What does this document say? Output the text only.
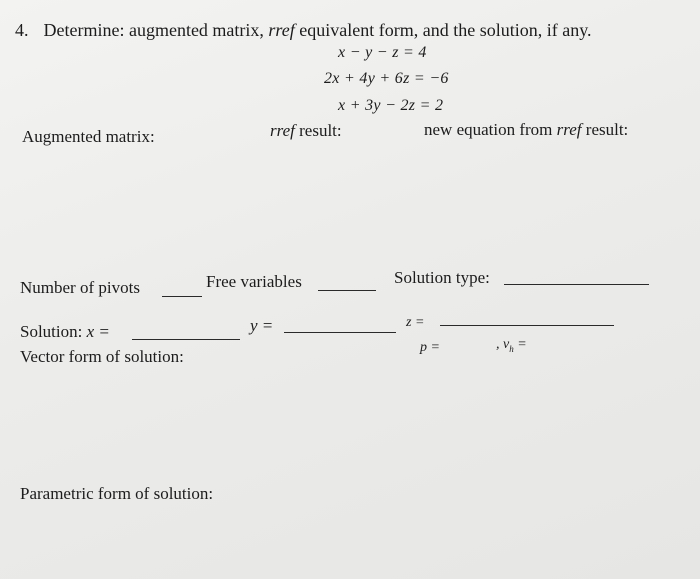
4. Determine: augmented matrix, rref equivalent form, and the solution, if any.
x − y − z = 4
2x + 4y + 6z = −6
x + 3y − 2z = 2
Augmented matrix:	rref result:	new equation from rref result:
Number of pivots	Free variables	Solution type:
Solution: x =	y =	z =
Vector form of solution:	p =	, $v_h$ =
Parametric form of solution:
